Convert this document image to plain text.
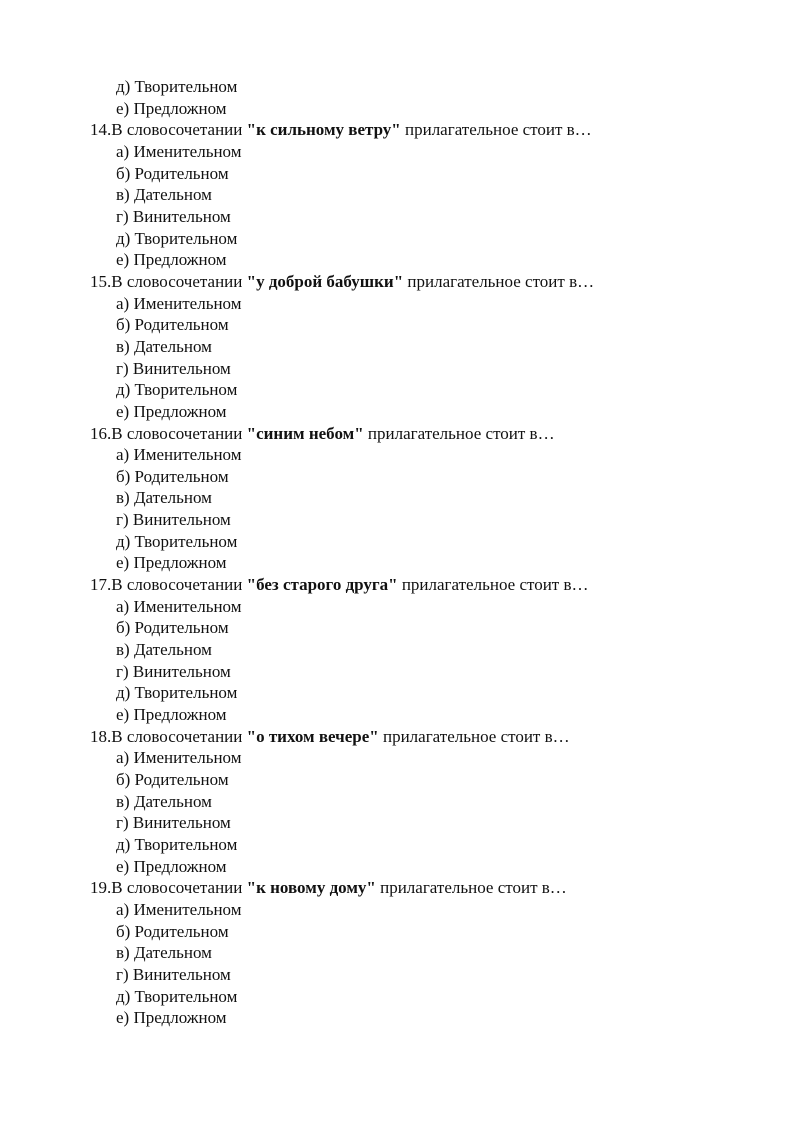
д) Творительном
е) Предложном
14.В словосочетании "к сильному ветру" прилагательное стоит в…
а) Именительном
б) Родительном
в) Дательном
г) Винительном
д) Творительном
е) Предложном
15.В словосочетании "у доброй бабушки" прилагательное стоит в…
а) Именительном
б) Родительном
в) Дательном
г) Винительном
д) Творительном
е) Предложном
16.В словосочетании "синим небом" прилагательное стоит в…
а) Именительном
б) Родительном
в) Дательном
г) Винительном
д) Творительном
е) Предложном
17.В словосочетании "без старого друга" прилагательное стоит в…
а) Именительном
б) Родительном
в) Дательном
г) Винительном
д) Творительном
е) Предложном
18.В словосочетании "о тихом вечере" прилагательное стоит в…
а) Именительном
б) Родительном
в) Дательном
г) Винительном
д) Творительном
е) Предложном
19.В словосочетании "к новому дому" прилагательное стоит в…
а) Именительном
б) Родительном
в) Дательном
г) Винительном
д) Творительном
е) Предложном
